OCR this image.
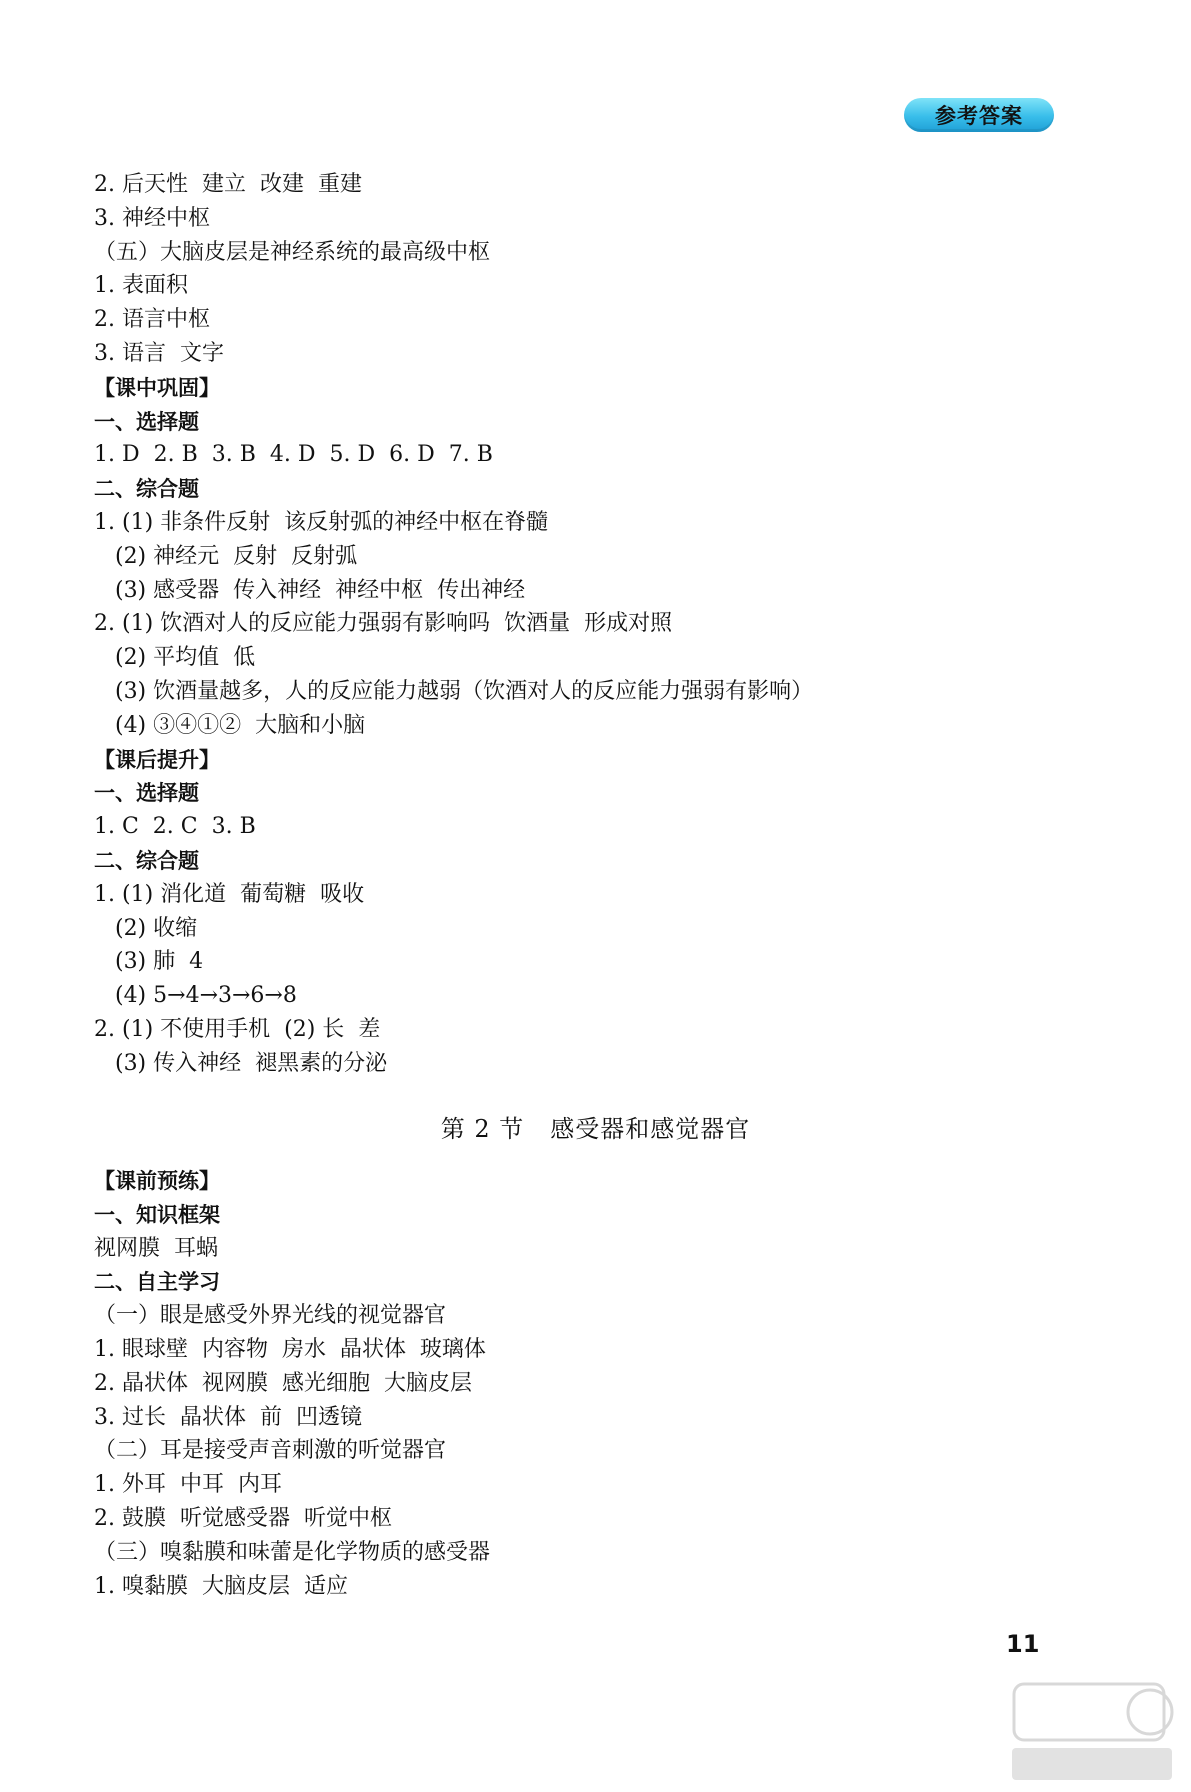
参考答案
2. 后天性  建立  改建  重建
3. 神经中枢
（五）大脑皮层是神经系统的最高级中枢
1. 表面积
2. 语言中枢
3. 语言  文字
【课中巩固】
一、选择题
1. D  2. B  3. B  4. D  5. D  6. D  7. B
二、综合题
1. (1) 非条件反射  该反射弧的神经中枢在脊髓
(2) 神经元  反射  反射弧
(3) 感受器  传入神经  神经中枢  传出神经
2. (1) 饮酒对人的反应能力强弱有影响吗  饮酒量  形成对照
(2) 平均值  低
(3) 饮酒量越多，人的反应能力越弱（饮酒对人的反应能力强弱有影响）
(4) ③④①②  大脑和小脑
【课后提升】
一、选择题
1. C  2. C  3. B
二、综合题
1. (1) 消化道  葡萄糖  吸收
(2) 收缩
(3) 肺  4
(4) 5→4→3→6→8
2. (1) 不使用手机  (2) 长  差
(3) 传入神经  褪黑素的分泌
第 2 节   感受器和感觉器官
【课前预练】
一、知识框架
视网膜  耳蜗
二、自主学习
（一）眼是感受外界光线的视觉器官
1. 眼球壁  内容物  房水  晶状体  玻璃体
2. 晶状体  视网膜  感光细胞  大脑皮层
3. 过长  晶状体  前  凹透镜
（二）耳是接受声音刺激的听觉器官
1. 外耳  中耳  内耳
2. 鼓膜  听觉感受器  听觉中枢
（三）嗅黏膜和味蕾是化学物质的感受器
1. 嗅黏膜  大脑皮层  适应
11
